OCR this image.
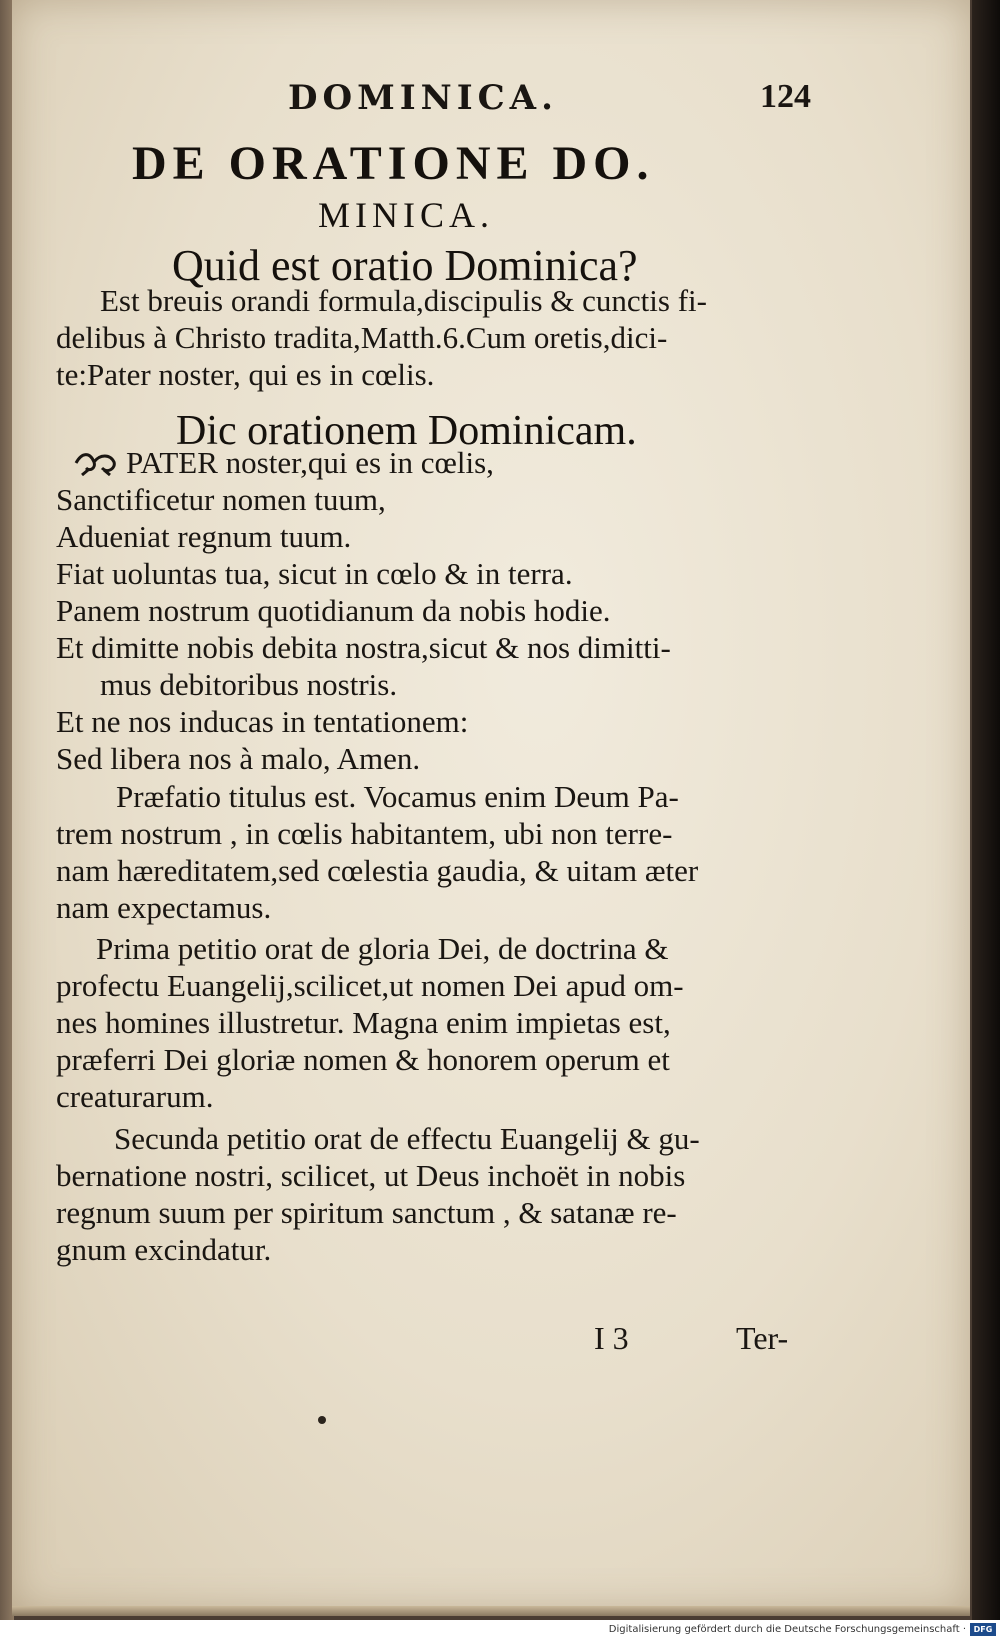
DOMINICA.	124
DE ORATIONE DO.
MINICA.
Quid est oratio Dominica?
Est breuis orandi formula,discipulis & cunctis fi-
delibus à Christo tradita,Matth.6.Cum oretis,dici-
te:Pater noster, qui es in cœlis.
Dic orationem Dominicam.
PATER noster,qui es in cœlis,
Sanctificetur nomen tuum,
Adueniat regnum tuum.
Fiat uoluntas tua, sicut in cœlo & in terra.
Panem nostrum quotidianum da nobis hodie.
Et dimitte nobis debita nostra,sicut & nos dimitti-
mus debitoribus nostris.
Et ne nos inducas in tentationem:
Sed libera nos à malo, Amen.
Præfatio titulus est. Vocamus enim Deum Pa-
trem nostrum , in cœlis habitantem, ubi non terre-
nam hæreditatem,sed cœlestia gaudia, & uitam æter
nam expectamus.
Prima petitio orat de gloria Dei, de doctrina &
profectu Euangelij,scilicet,ut nomen Dei apud om-
nes homines illustretur. Magna enim impietas est,
præferri Dei gloriæ nomen & honorem operum et
creaturarum.
Secunda petitio orat de effectu Euangelij & gu-
bernatione nostri, scilicet, ut Deus inchoët in nobis
regnum suum per spiritum sanctum , & satanæ re-
gnum excindatur.
I 3	Ter-
Digitalisierung gefördert durch die Deutsche Forschungsgemeinschaft · DFG
